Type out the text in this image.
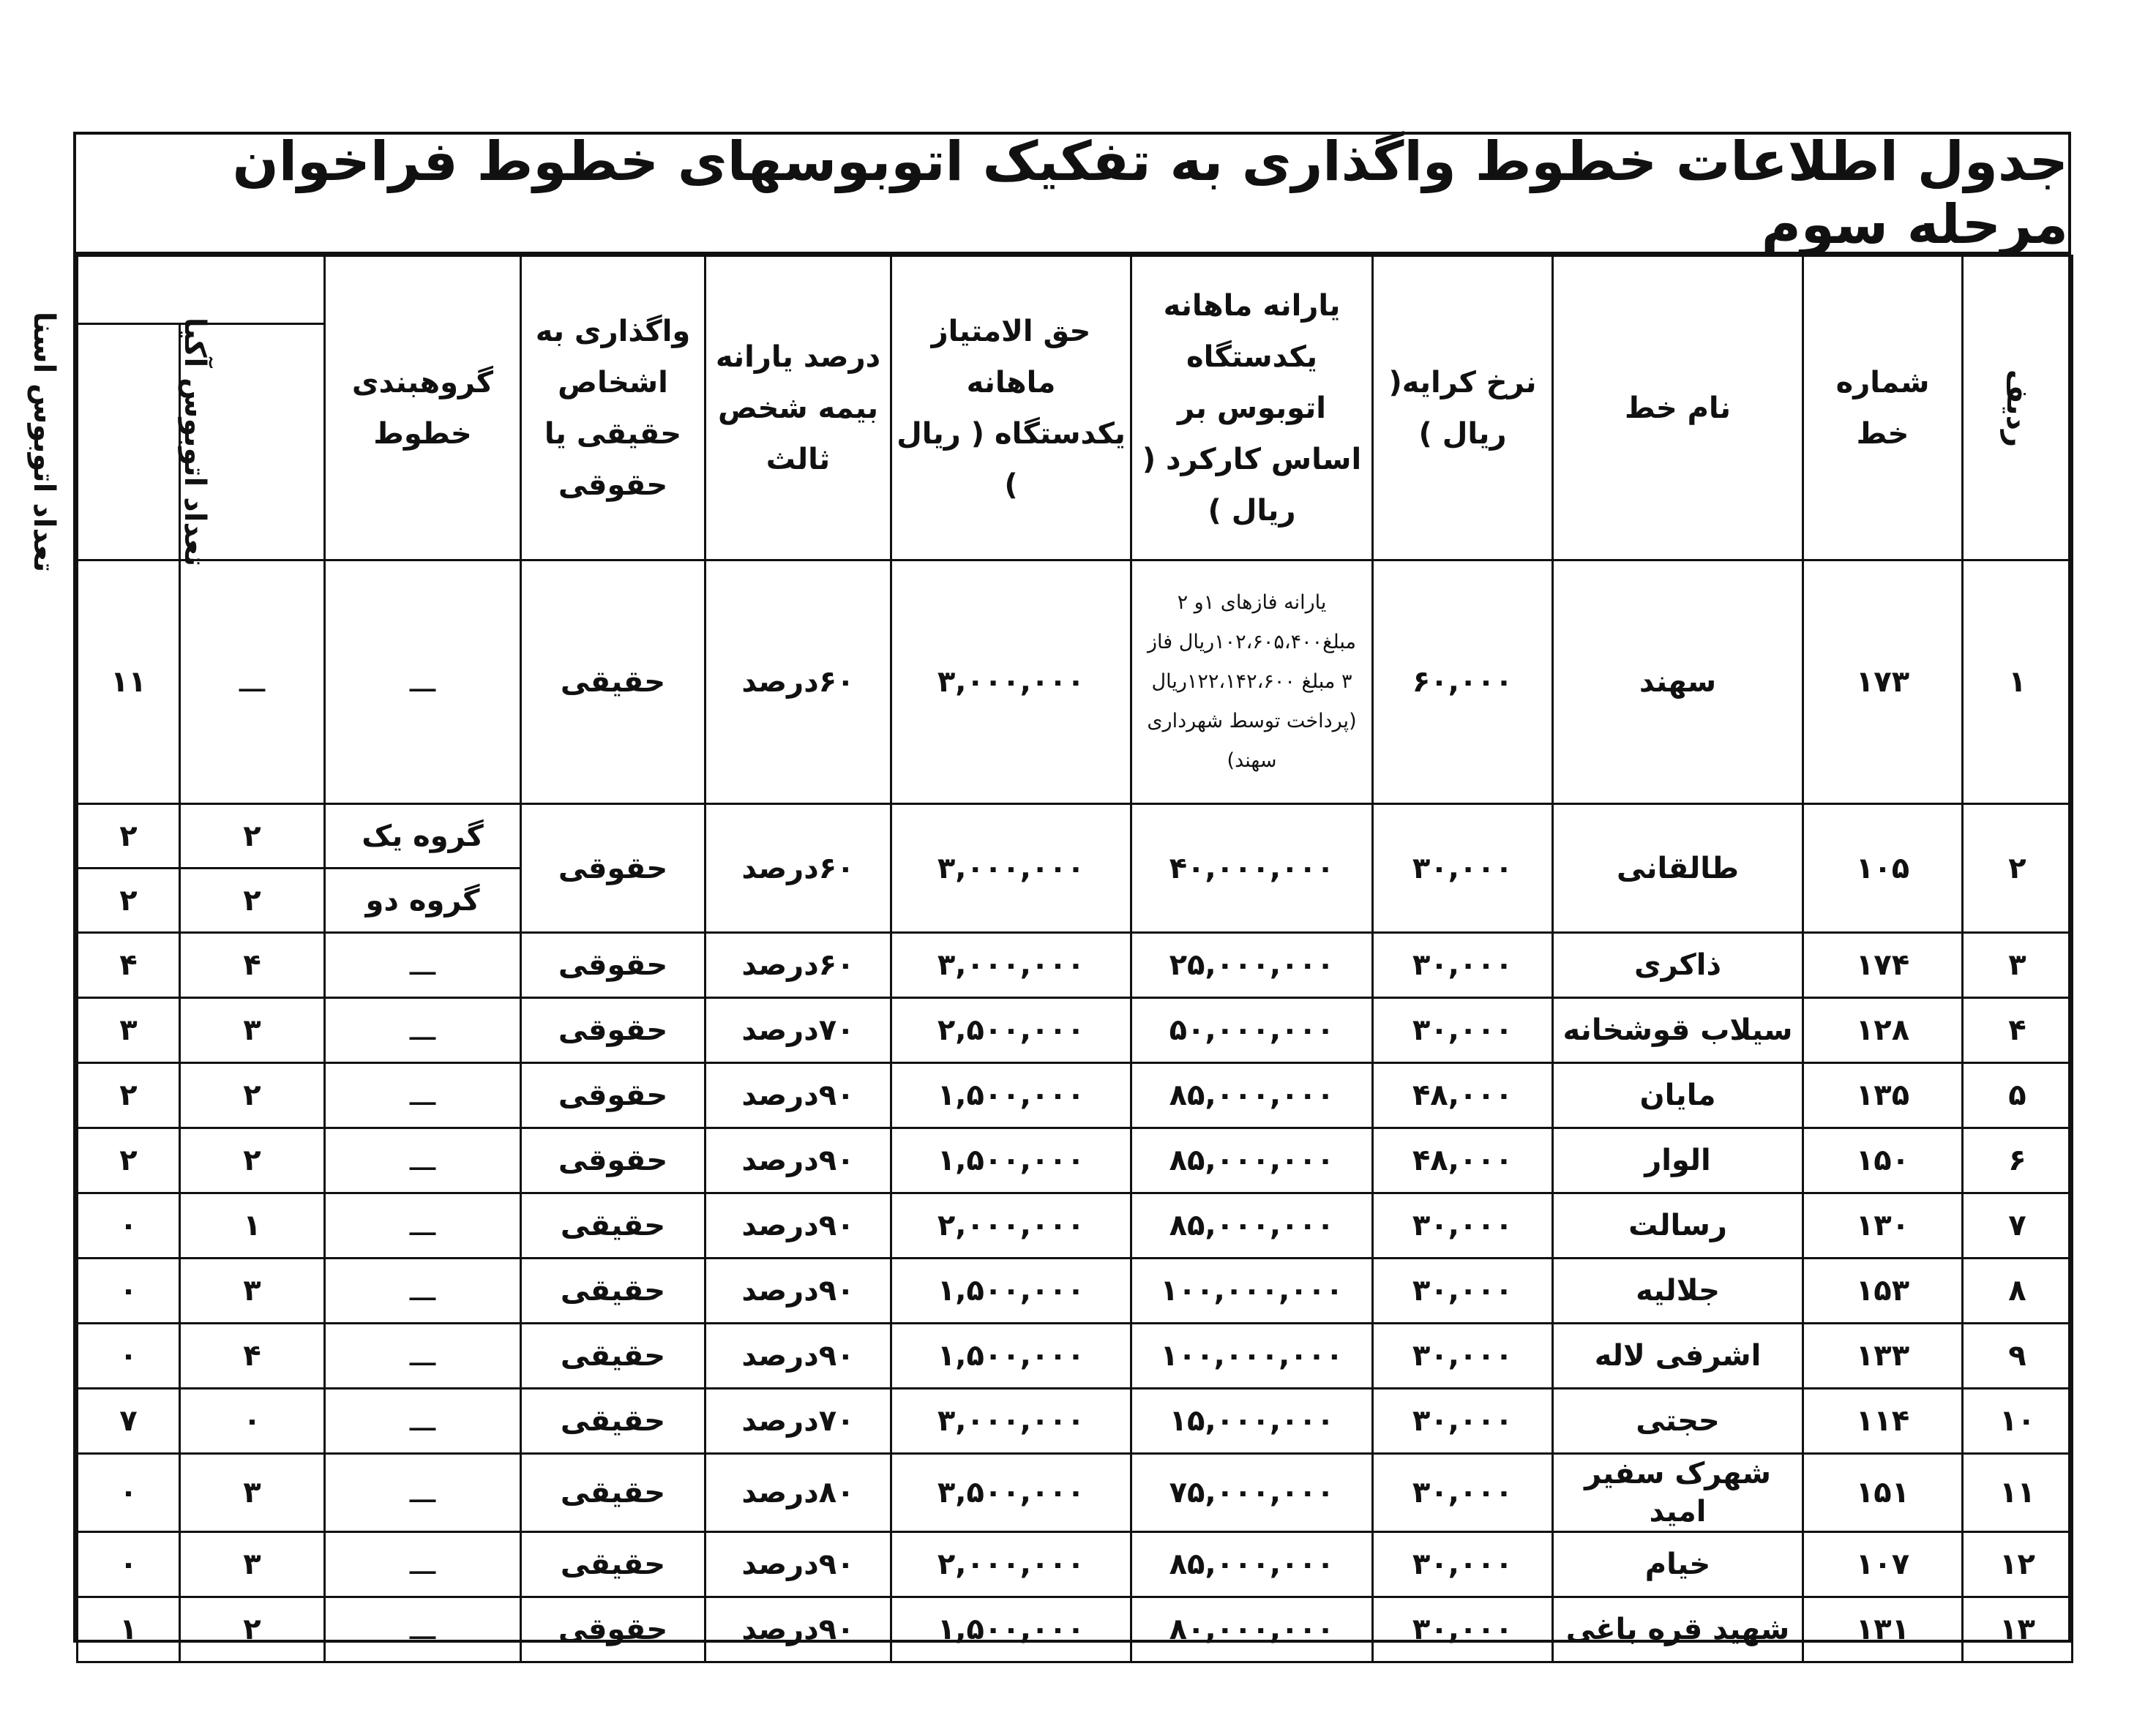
جدول اطلاعات خطوط واگذاری به تفکیک اتوبوسهای خطوط فراخوان مرحله سوم
ردیف	شماره خط	نام خط	نرخ کرایه( ریال )	یارانه ماهانه یکدستگاه اتوبوس بر اساس کارکرد ( ریال )	حق الامتیاز ماهانه یکدستگاه ( ریال )	درصد یارانه بیمه شخص ثالث	واگذاری به اشخاص حقیقی یا حقوقی	گروهبندی خطوط		
									تعداد اتوبوس آکیا	تعداد اتوبوس اسنا
۱	۱۷۳	سهند	۶۰,۰۰۰	یارانه فازهای ۱و ۲ مبلغ۱۰۲،۶۰۵،۴۰۰ریال فاز ۳ مبلغ ۱۲۲،۱۴۲،۶۰۰ریال (پرداخت توسط شهرداری سهند)	۳,۰۰۰,۰۰۰	۶۰درصد	حقیقی	ـــ	ـــ	۱۱
۲	۱۰۵	طالقانی	۳۰,۰۰۰	۴۰,۰۰۰,۰۰۰	۳,۰۰۰,۰۰۰	۶۰درصد	حقوقی	گروه یک	۲	۲
								گروه دو	۲	۲
۳	۱۷۴	ذاکری	۳۰,۰۰۰	۲۵,۰۰۰,۰۰۰	۳,۰۰۰,۰۰۰	۶۰درصد	حقوقی	ـــ	۴	۴
۴	۱۲۸	سیلاب قوشخانه	۳۰,۰۰۰	۵۰,۰۰۰,۰۰۰	۲,۵۰۰,۰۰۰	۷۰درصد	حقوقی	ـــ	۳	۳
۵	۱۳۵	مایان	۴۸,۰۰۰	۸۵,۰۰۰,۰۰۰	۱,۵۰۰,۰۰۰	۹۰درصد	حقوقی	ـــ	۲	۲
۶	۱۵۰	الوار	۴۸,۰۰۰	۸۵,۰۰۰,۰۰۰	۱,۵۰۰,۰۰۰	۹۰درصد	حقوقی	ـــ	۲	۲
۷	۱۳۰	رسالت	۳۰,۰۰۰	۸۵,۰۰۰,۰۰۰	۲,۰۰۰,۰۰۰	۹۰درصد	حقیقی	ـــ	۱	۰
۸	۱۵۳	جلالیه	۳۰,۰۰۰	۱۰۰,۰۰۰,۰۰۰	۱,۵۰۰,۰۰۰	۹۰درصد	حقیقی	ـــ	۳	۰
۹	۱۳۳	اشرفی لاله	۳۰,۰۰۰	۱۰۰,۰۰۰,۰۰۰	۱,۵۰۰,۰۰۰	۹۰درصد	حقیقی	ـــ	۴	۰
۱۰	۱۱۴	حجتی	۳۰,۰۰۰	۱۵,۰۰۰,۰۰۰	۳,۰۰۰,۰۰۰	۷۰درصد	حقیقی	ـــ	۰	۷
۱۱	۱۵۱	شهرک سفیر امید	۳۰,۰۰۰	۷۵,۰۰۰,۰۰۰	۳,۵۰۰,۰۰۰	۸۰درصد	حقیقی	ـــ	۳	۰
۱۲	۱۰۷	خیام	۳۰,۰۰۰	۸۵,۰۰۰,۰۰۰	۲,۰۰۰,۰۰۰	۹۰درصد	حقیقی	ـــ	۳	۰
۱۳	۱۳۱	شهید قره باغی	۳۰,۰۰۰	۸۰,۰۰۰,۰۰۰	۱,۵۰۰,۰۰۰	۹۰درصد	حقوقی	ـــ	۲	۱
